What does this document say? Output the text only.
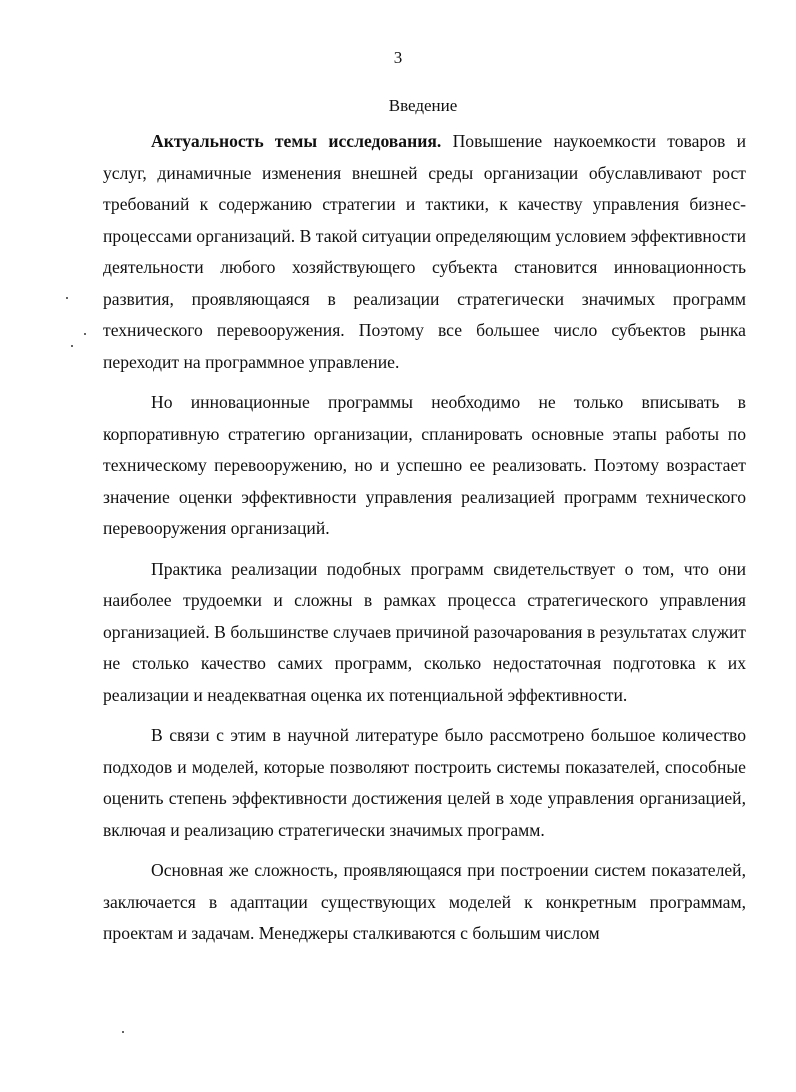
3
Введение

Актуальность темы исследования. Повышение наукоемкости товаров и услуг, динамичные изменения внешней среды организации обуславливают рост требований к содержанию стратегии и тактики, к качеству управления бизнес-процессами организаций. В такой ситуации определяющим условием эффективности деятельности любого хозяйствующего субъекта становится инновационность развития, проявляющаяся в реализации стратегически значимых программ технического перевооружения. Поэтому все большее число субъектов рынка переходит на программное управление.

Но инновационные программы необходимо не только вписывать в корпоративную стратегию организации, спланировать основные этапы работы по техническому перевооружению, но и успешно ее реализовать. Поэтому возрастает значение оценки эффективности управления реализацией программ технического перевооружения организаций.

Практика реализации подобных программ свидетельствует о том, что они наиболее трудоемки и сложны в рамках процесса стратегического управления организацией. В большинстве случаев причиной разочарования в результатах служит не столько качество самих программ, сколько недостаточная подготовка к их реализации и неадекватная оценка их потенциальной эффективности.

В связи с этим в научной литературе было рассмотрено большое количество подходов и моделей, которые позволяют построить системы показателей, способные оценить степень эффективности достижения целей в ходе управления организацией, включая и реализацию стратегически значимых программ.

Основная же сложность, проявляющаяся при построении систем показателей, заключается в адаптации существующих моделей к конкретным программам, проектам и задачам. Менеджеры сталкиваются с большим числом
